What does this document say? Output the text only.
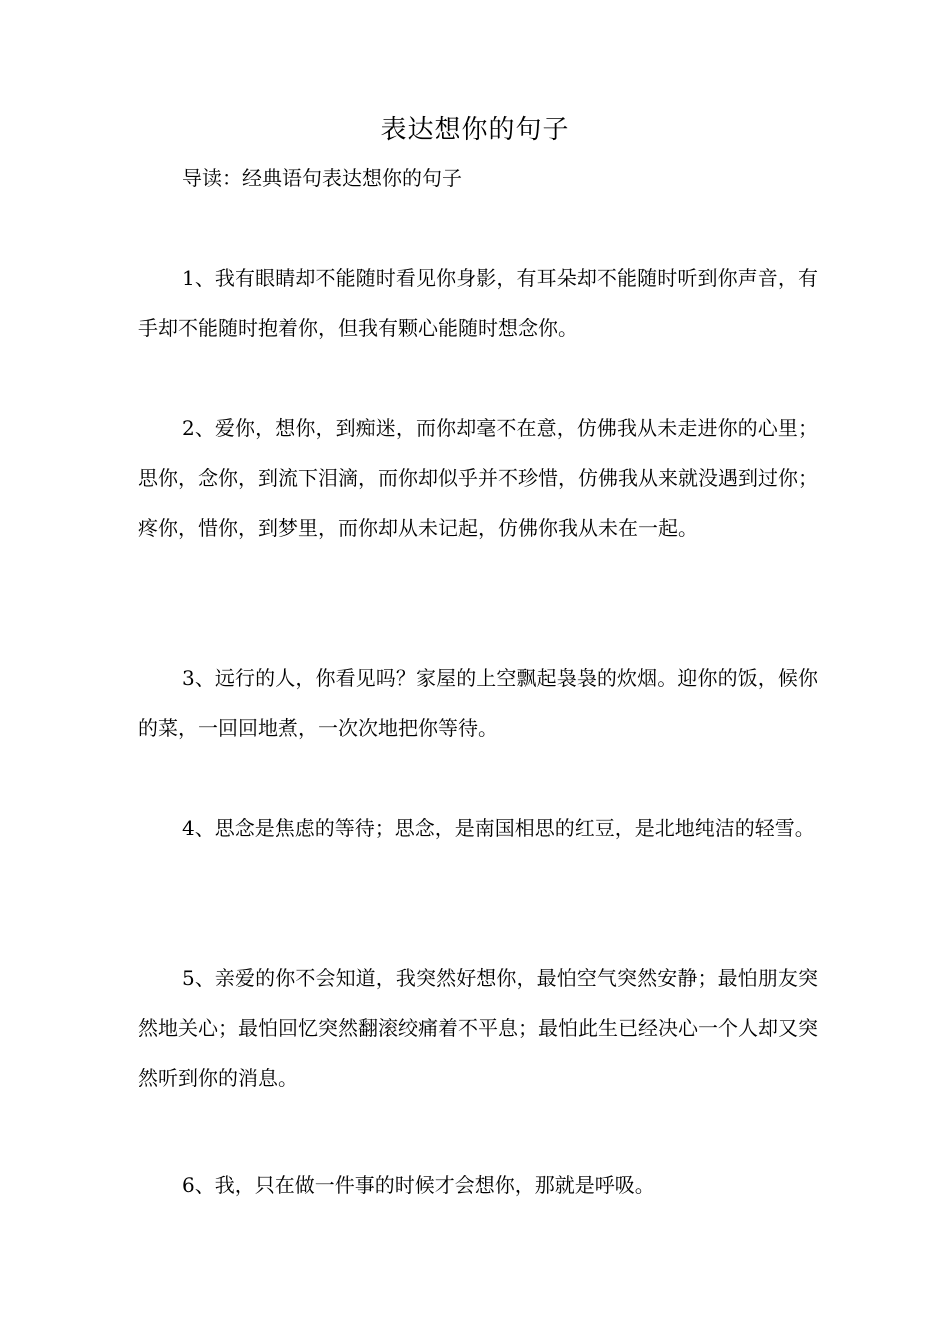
表达想你的句子
导读：经典语句表达想你的句子

1、我有眼睛却不能随时看见你身影，有耳朵却不能随时听到你声音，有手却不能随时抱着你，但我有颗心能随时想念你。

2、爱你，想你，到痴迷，而你却毫不在意，仿佛我从未走进你的心里；思你，念你，到流下泪滴，而你却似乎并不珍惜，仿佛我从来就没遇到过你；疼你，惜你，到梦里，而你却从未记起，仿佛你我从未在一起。

3、远行的人，你看见吗？家屋的上空飘起袅袅的炊烟。迎你的饭，候你的菜，一回回地煮，一次次地把你等待。

4、思念是焦虑的等待；思念，是南国相思的红豆，是北地纯洁的轻雪。

5、亲爱的你不会知道，我突然好想你，最怕空气突然安静；最怕朋友突然地关心；最怕回忆突然翻滚绞痛着不平息；最怕此生已经决心一个人却又突然听到你的消息。

6、我，只在做一件事的时候才会想你，那就是呼吸。
